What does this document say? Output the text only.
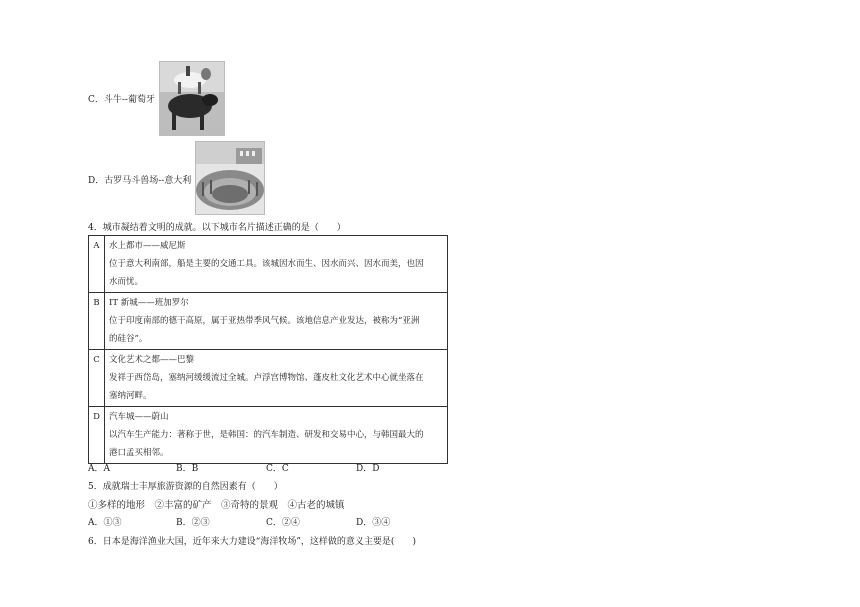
C．斗牛--葡萄牙
D．古罗马斗兽场--意大利
4．城市凝结着文明的成就。以下城市名片描述正确的是（　　）
A	水上都市——威尼斯
位于意大利南部，船是主要的交通工具。该城因水而生、因水而兴、因水而美，也因
水而忧。

B	IT 新城——班加罗尔
位于印度南部的德干高原，属于亚热带季风气候。该地信息产业发达，被称为“亚洲
的硅谷”。

C	文化艺术之都——巴黎
发祥于西岱岛，塞纳河缓缓流过全城。卢浮宫博物馆、蓬皮杜文化艺术中心就坐落在
塞纳河畔。

D	汽车城——蔚山
以汽车生产能力：著称于世，是韩国：的汽车制造、研发和交易中心，与韩国最大的
港口孟买相邻。
A．A	B．B	C．C	D．D
5．成就瑞士丰厚旅游资源的自然因素有（　　）
①多样的地形　②丰富的矿产　③奇特的景观　④古老的城镇
A．①③	B．②③	C．②④	D．③④
6．日本是海洋渔业大国，近年来大力建设“海洋牧场”，这样做的意义主要是(　　)
